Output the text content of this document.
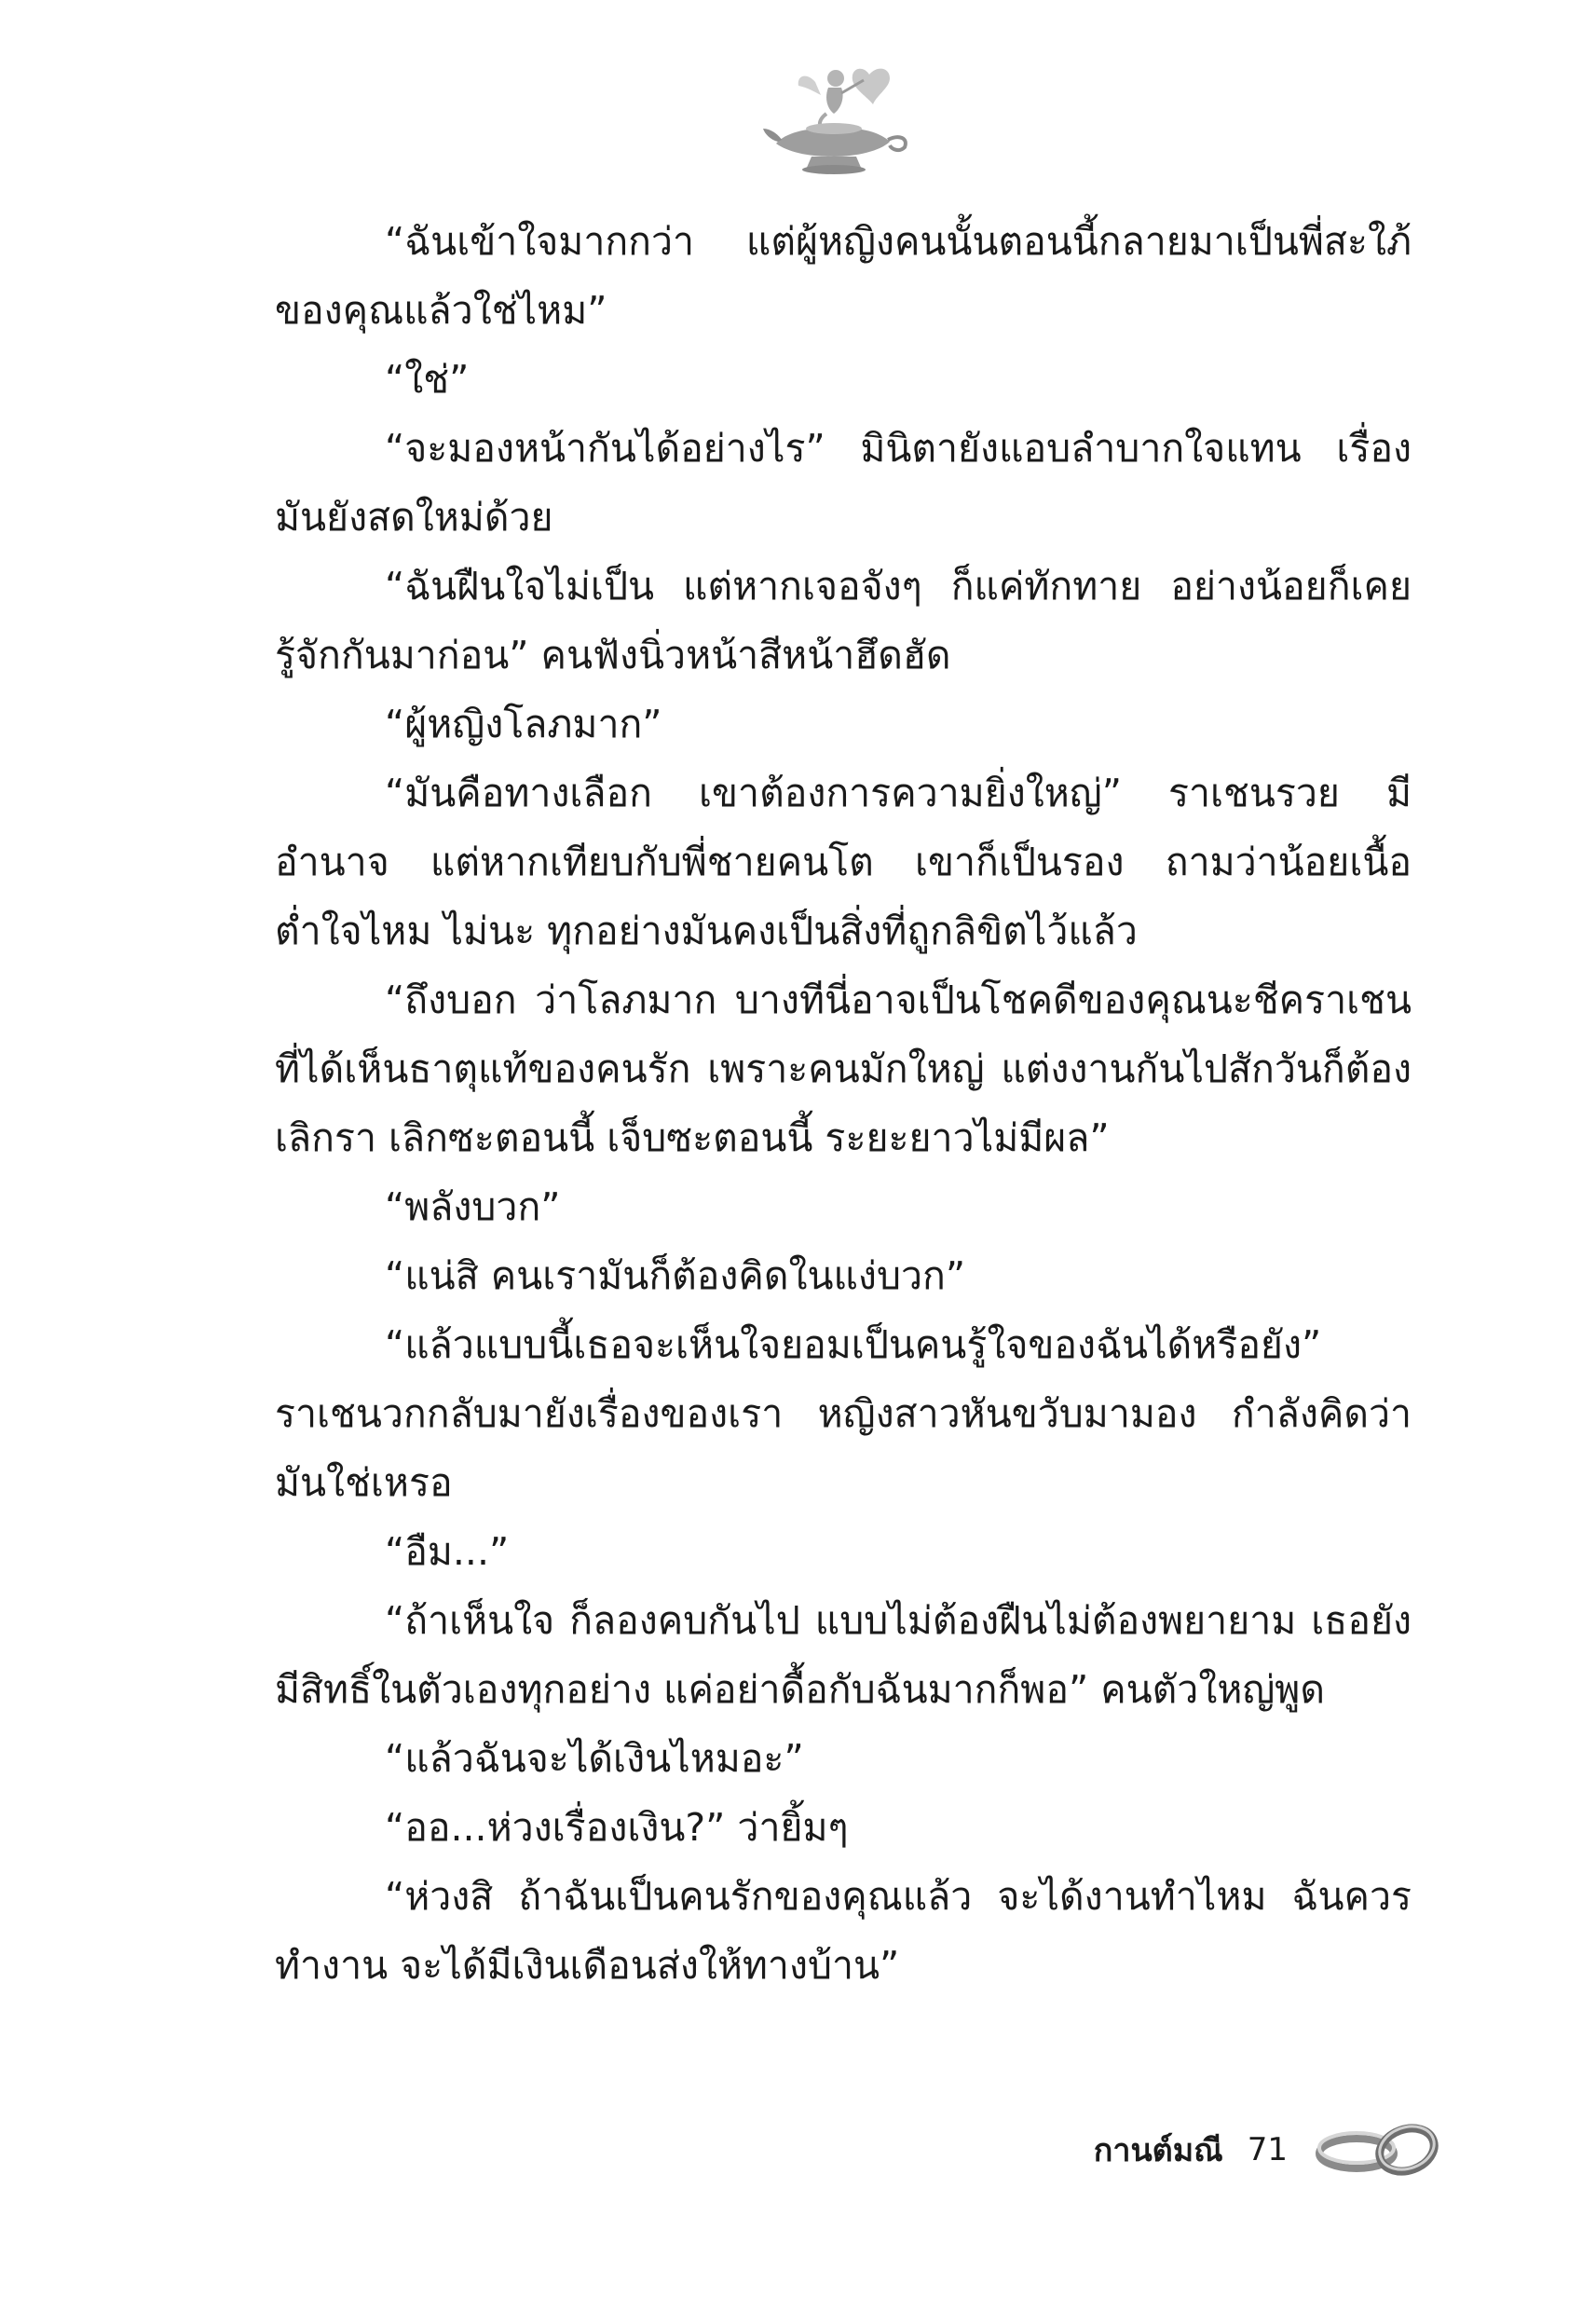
“ฉันเข้าใจมากกว่า แต่ผู้หญิงคนนั้นตอนนี้กลายมาเป็นพี่สะใภ้ของคุณแล้วใช่ไหม”

“ใช่”

“จะมองหน้ากันได้อย่างไร” มินิตายังแอบลำบากใจแทน เรื่องมันยังสดใหม่ด้วย

“ฉันฝืนใจไม่เป็น แต่หากเจอจังๆ ก็แค่ทักทาย อย่างน้อยก็เคยรู้จักกันมาก่อน” คนฟังนิ่วหน้าสีหน้าฮึดฮัด

“ผู้หญิงโลภมาก”

“มันคือทางเลือก เขาต้องการความยิ่งใหญ่” ราเชนรวย มีอำนาจ แต่หากเทียบกับพี่ชายคนโต เขาก็เป็นรอง ถามว่าน้อยเนื้อต่ำใจไหม ไม่นะ ทุกอย่างมันคงเป็นสิ่งที่ถูกลิขิตไว้แล้ว

“ถึงบอก ว่าโลภมาก บางทีนี่อาจเป็นโชคดีของคุณนะชีคราเชน ที่ได้เห็นธาตุแท้ของคนรัก เพราะคนมักใหญ่ แต่งงานกันไปสักวันก็ต้องเลิกรา เลิกซะตอนนี้ เจ็บซะตอนนี้ ระยะยาวไม่มีผล”

“พลังบวก”

“แน่สิ คนเรามันก็ต้องคิดในแง่บวก”

“แล้วแบบนี้เธอจะเห็นใจยอมเป็นคนรู้ใจของฉันได้หรือยัง” ราเชนวกกลับมายังเรื่องของเรา หญิงสาวหันขวับมามอง กำลังคิดว่ามันใช่เหรอ

“อืม...”

“ถ้าเห็นใจ ก็ลองคบกันไป แบบไม่ต้องฝืนไม่ต้องพยายาม เธอยังมีสิทธิ์ในตัวเองทุกอย่าง แค่อย่าดื้อกับฉันมากก็พอ” คนตัวใหญ่พูด

“แล้วฉันจะได้เงินไหมอะ”

“ออ...ห่วงเรื่องเงิน?” ว่ายิ้มๆ

“ห่วงสิ ถ้าฉันเป็นคนรักของคุณแล้ว จะได้งานทำไหม ฉันควรทำงาน จะได้มีเงินเดือนส่งให้ทางบ้าน”

กานต์มณี 71
